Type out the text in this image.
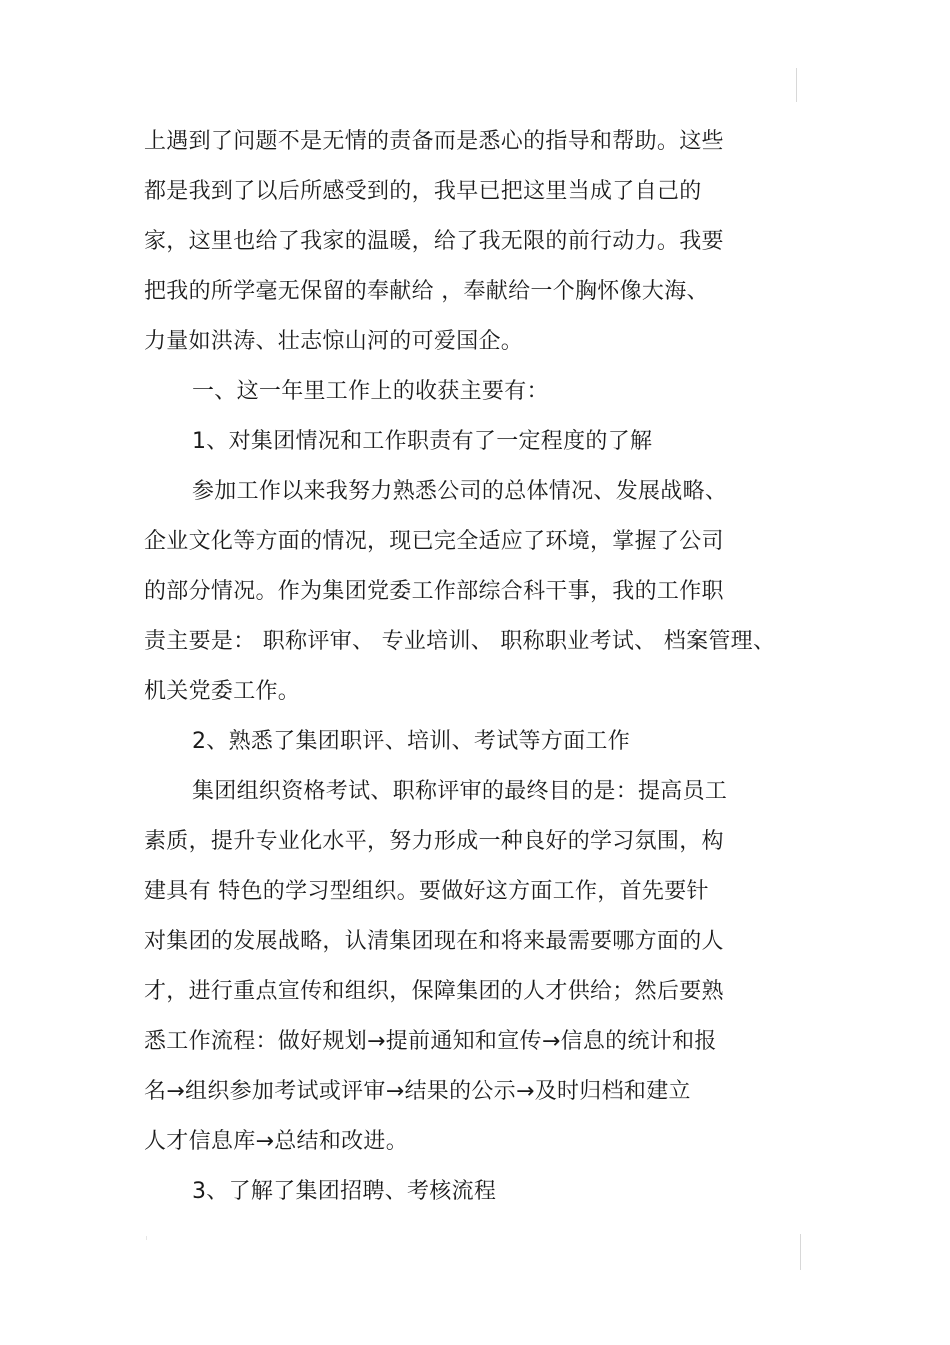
上遇到了问题不是无情的责备而是悉心的指导和帮助。这些
都是我到了以后所感受到的，我早已把这里当成了自己的
家，这里也给了我家的温暖，给了我无限的前行动力。我要
把我的所学毫无保留的奉献给 ，奉献给一个胸怀像大海、
力量如洪涛、壮志惊山河的可爱国企。
一、这一年里工作上的收获主要有：
1、对集团情况和工作职责有了一定程度的了解
参加工作以来我努力熟悉公司的总体情况、发展战略、
企业文化等方面的情况，现已完全适应了环境，掌握了公司
的部分情况。作为集团党委工作部综合科干事，我的工作职
责主要是： 职称评审、 专业培训、 职称职业考试、 档案管理、
机关党委工作。
2、熟悉了集团职评、培训、考试等方面工作
集团组织资格考试、职称评审的最终目的是：提高员工
素质，提升专业化水平，努力形成一种良好的学习氛围，构
建具有 特色的学习型组织。要做好这方面工作，首先要针
对集团的发展战略，认清集团现在和将来最需要哪方面的人
才，进行重点宣传和组织，保障集团的人才供给；然后要熟
悉工作流程：做好规划→提前通知和宣传→信息的统计和报
名→组织参加考试或评审→结果的公示→及时归档和建立
人才信息库→总结和改进。
3、了解了集团招聘、考核流程
